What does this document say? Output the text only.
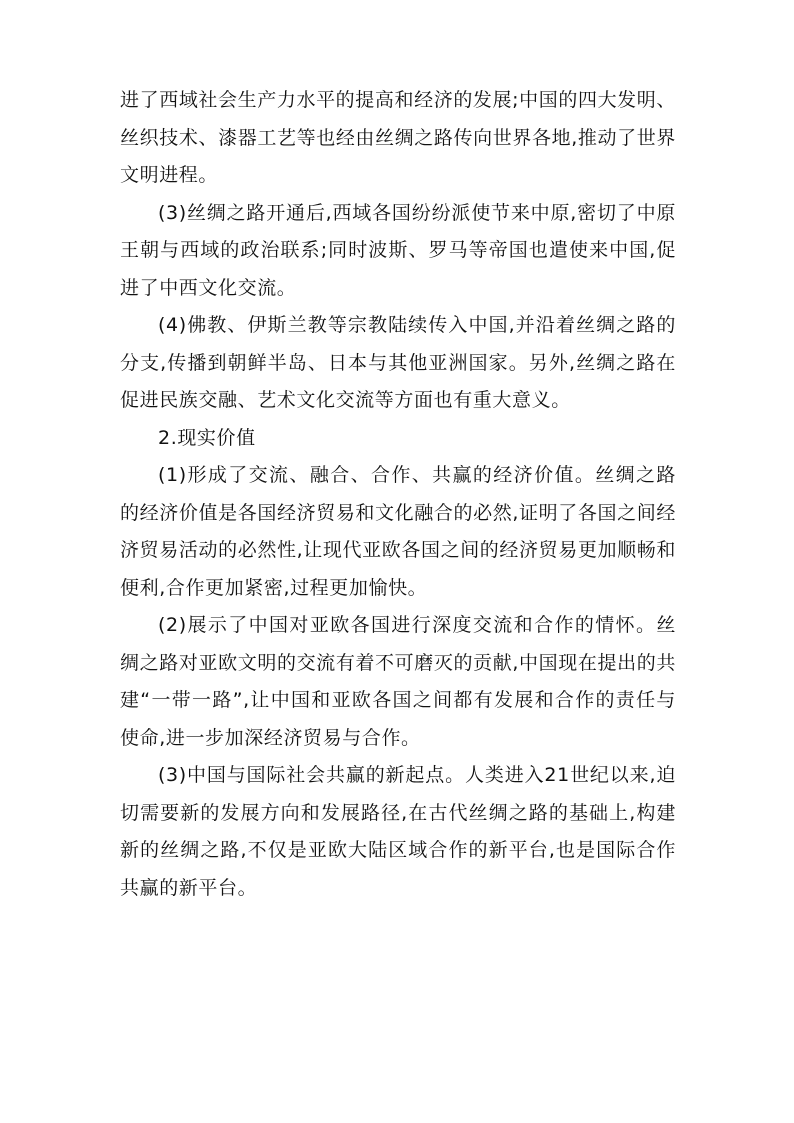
进了西域社会生产力水平的提高和经济的发展;中国的四大发明、丝织技术、漆器工艺等也经由丝绸之路传向世界各地,推动了世界文明进程。

(3)丝绸之路开通后,西域各国纷纷派使节来中原,密切了中原王朝与西域的政治联系;同时波斯、罗马等帝国也遣使来中国,促进了中西文化交流。

(4)佛教、伊斯兰教等宗教陆续传入中国,并沿着丝绸之路的分支,传播到朝鲜半岛、日本与其他亚洲国家。另外,丝绸之路在促进民族交融、艺术文化交流等方面也有重大意义。

2.现实价值

(1)形成了交流、融合、合作、共赢的经济价值。丝绸之路的经济价值是各国经济贸易和文化融合的必然,证明了各国之间经济贸易活动的必然性,让现代亚欧各国之间的经济贸易更加顺畅和便利,合作更加紧密,过程更加愉快。

(2)展示了中国对亚欧各国进行深度交流和合作的情怀。丝绸之路对亚欧文明的交流有着不可磨灭的贡献,中国现在提出的共建“一带一路”,让中国和亚欧各国之间都有发展和合作的责任与使命,进一步加深经济贸易与合作。

(3)中国与国际社会共赢的新起点。人类进入21世纪以来,迫切需要新的发展方向和发展路径,在古代丝绸之路的基础上,构建新的丝绸之路,不仅是亚欧大陆区域合作的新平台,也是国际合作共赢的新平台。
